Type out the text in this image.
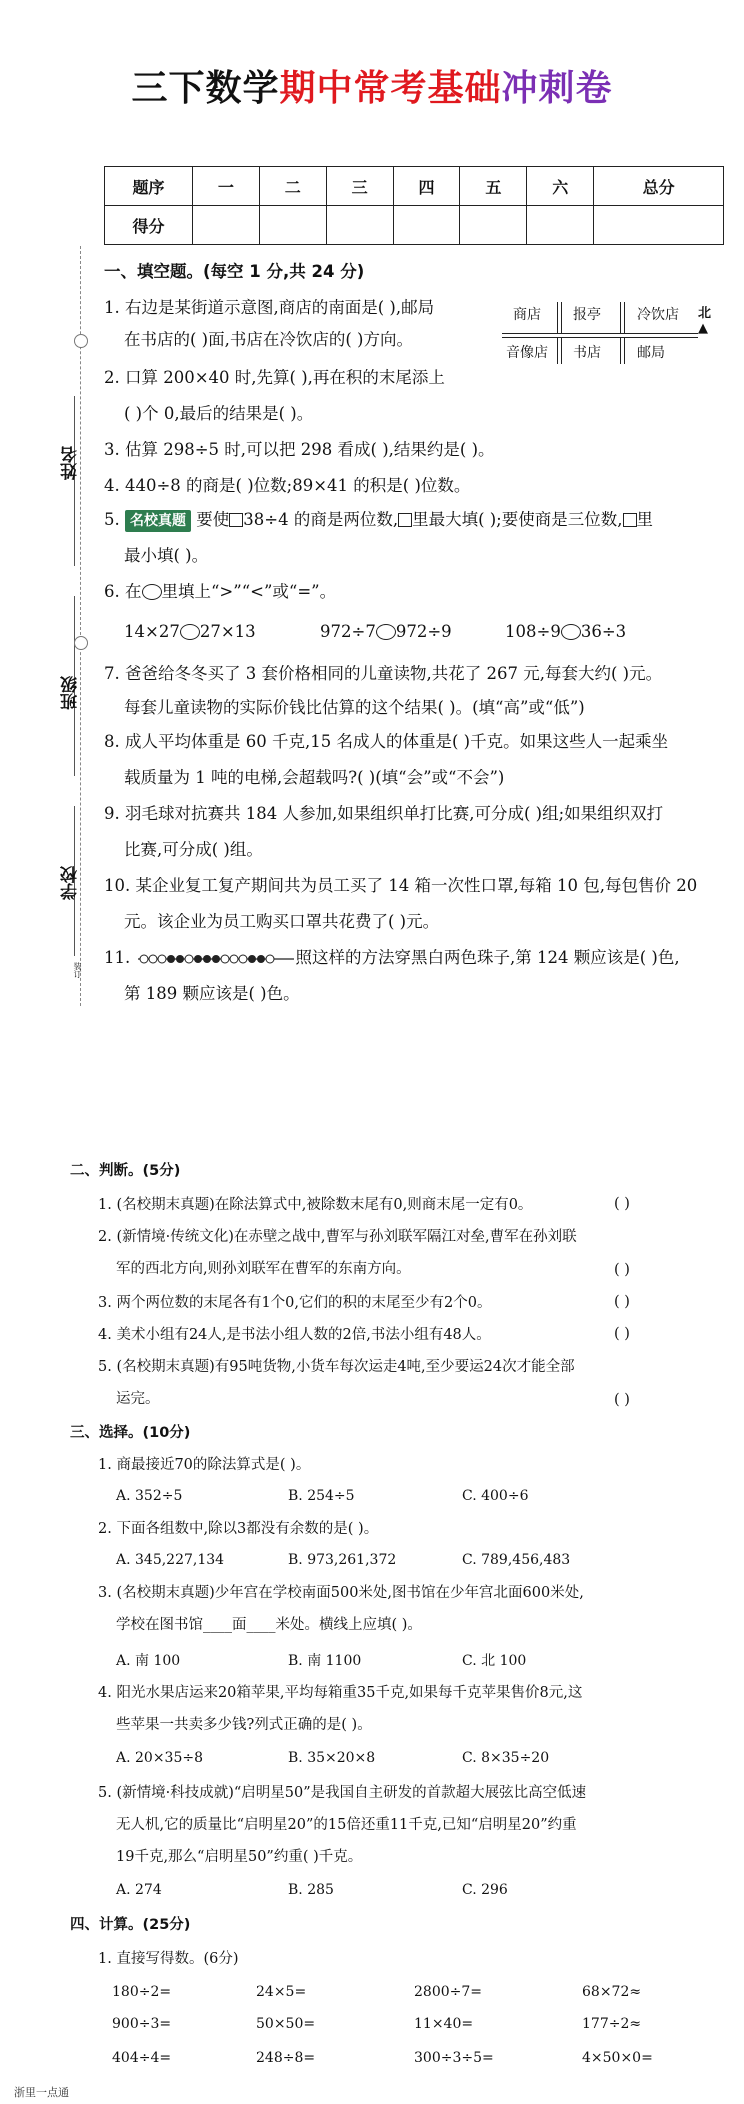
三下数学期中常考基础冲刺卷
题序	一	二	三	四	五	六	总分
得分							
姓名
班级
学校
装订
一、填空题。(每空 1 分,共 24 分)
1. 右边是某街道示意图,商店的南面是( ),邮局
在书店的( )面,书店在冷饮店的( )方向。
商店	报亭	冷饮店
音像店	书店	邮局
北
▲
2. 口算 200×40 时,先算( ),再在积的末尾添上
( )个 0,最后的结果是( )。
3. 估算 298÷5 时,可以把 298 看成( ),结果约是( )。
4. 440÷8 的商是( )位数;89×41 的积是( )位数。
5. 名校真题 要使 38÷4 的商是两位数, 里最大填( );要使商是三位数, 里
最小填( )。
6. 在 里填上“>”“<”或“=”。
14×27 27×13	972÷7 972÷9	108÷9 36÷3
7. 爸爸给冬冬买了 3 套价格相同的儿童读物,共花了 267 元,每套大约( )元。
每套儿童读物的实际价钱比估算的这个结果( )。(填“高”或“低”)
8. 成人平均体重是 60 千克,15 名成人的体重是( )千克。如果这些人一起乘坐
载质量为 1 吨的电梯,会超载吗?( )(填“会”或“不会”)
9. 羽毛球对抗赛共 184 人参加,如果组织单打比赛,可分成( )组;如果组织双打
比赛,可分成( )组。
10. 某企业复工复产期间共为员工买了 14 箱一次性口罩,每箱 10 包,每包售价 20
元。该企业为员工购买口罩共花费了( )元。
11.	照这样的方法穿黑白两色珠子,第 124 颗应该是( )色,
第 189 颗应该是( )色。
二、判断。(5分)
1. (名校期末真题)在除法算式中,被除数末尾有0,则商末尾一定有0。	( )
2. (新情境·传统文化)在赤壁之战中,曹军与孙刘联军隔江对垒,曹军在孙刘联
军的西北方向,则孙刘联军在曹军的东南方向。	( )
3. 两个两位数的末尾各有1个0,它们的积的末尾至少有2个0。	( )
4. 美术小组有24人,是书法小组人数的2倍,书法小组有48人。	( )
5. (名校期末真题)有95吨货物,小货车每次运走4吨,至少要运24次才能全部
运完。	( )
三、选择。(10分)
1. 商最接近70的除法算式是( )。
A. 352÷5	B. 254÷5	C. 400÷6
2. 下面各组数中,除以3都没有余数的是( )。
A. 345,227,134	B. 973,261,372	C. 789,456,483
3. (名校期末真题)少年宫在学校南面500米处,图书馆在少年宫北面600米处,
学校在图书馆____面____米处。横线上应填( )。
A. 南 100	B. 南 1100	C. 北 100
4. 阳光水果店运来20箱苹果,平均每箱重35千克,如果每千克苹果售价8元,这
些苹果一共卖多少钱?列式正确的是( )。
A. 20×35÷8	B. 35×20×8	C. 8×35÷20
5. (新情境·科技成就)“启明星50”是我国自主研发的首款超大展弦比高空低速
无人机,它的质量比“启明星20”的15倍还重11千克,已知“启明星20”约重
19千克,那么“启明星50”约重( )千克。
A. 274	B. 285	C. 296
四、计算。(25分)
1. 直接写得数。(6分)
180÷2=	24×5=	2800÷7=	68×72≈
900÷3=	50×50=	11×40=	177÷2≈
404÷4=	248÷8=	300÷3÷5=	4×50×0=
浙里一点通
